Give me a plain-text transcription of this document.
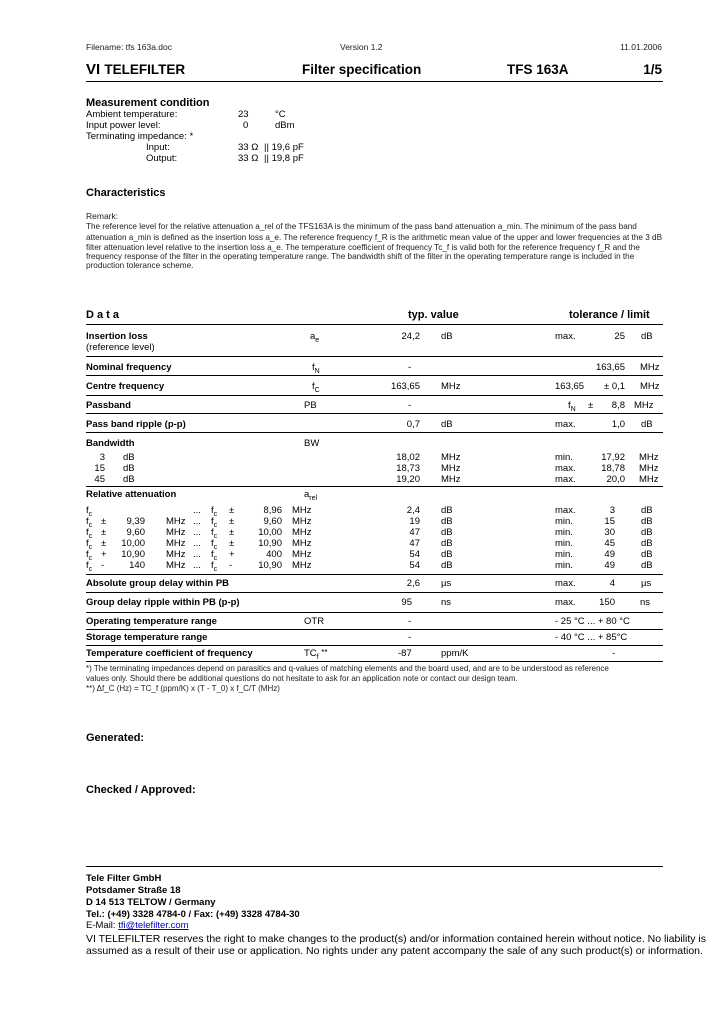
Filename: tfs 163a.doc	Version 1.2	11.01.2006
VI TELEFILTER	Filter specification	TFS 163A	1/5
Measurement condition
Ambient temperature:	23	°C
Input power level:	0	dBm
Terminating impedance: *
Input:	33 Ω || 19,6 pF
Output:	33 Ω || 19,8 pF
Characteristics
Remark:
The reference level for the relative attenuation a_rel of the TFS163A is the minimum of the pass band attenuation a_min. The minimum of the pass band
attenuation a_min is defined as the insertion loss a_e. The reference frequency f_R is the arithmetic mean value of the upper and lower frequencies at the 3 dB
filter attenuation level relative to the insertion loss a_e. The temperature coefficient of frequency Tc_f is valid both for the reference frequency f_R and the
frequency response of the filter in the operating temperature range. The bandwidth shift of the filter in the operating temperature range is included in the
production tolerance scheme.
D a t a	typ. value	tolerance / limit
Insertion loss
(reference level)
$a_e$	24,2 dB	max.	25 dB
Nominal frequency	$f_N$	-	163,65 MHz
Centre frequency	$f_C$	163,65 MHz	163,65 ± 0,1 MHz
Passband	PB	-	$f_N$ ±	8,8 MHz
Pass band ripple (p-p)	0,7 dB	max.	1,0 dB
Bandwidth	BW
3 dB	18,02 MHz	min.	17,92 MHz
15 dB	18,73 MHz	max.	18,78 MHz
45 dB	19,20 MHz	max.	20,0 MHz
Relative attenuation	$a_{rel}$
$f_c$	... $f_c$ ±	8,96 MHz	2,4 dB	max.	3	dB
$f_c$ ±	9,39 MHz ... $f_c$ ±	9,60 MHz	19 dB	min.	15	dB
$f_c$ ±	9,60 MHz ... $f_c$ ±	10,00 MHz	47 dB	min.	30	dB
$f_c$ ±	10,00 MHz ... $f_c$ ±	10,90 MHz	47 dB	min.	45	dB
$f_c$ +	10,90 MHz ... $f_c$ +	400 MHz	54 dB	min.	49	dB
$f_c$ -	140 MHz ... $f_c$ -	10,90 MHz	54 dB	min.	49	dB
Absolute group delay within PB	2,6 µs	max.	4	µs
Group delay ripple within PB (p-p)	95	ns	max.	150	ns
Operating temperature range	OTR	-	- 25 °C ... + 80 °C
Storage temperature range	-	- 40 °C ... + 85°C
Temperature coefficient of frequency	$TC_f$ **	-87	ppm/K	-
*) The terminating impedances depend on parasitics and q-values of matching elements and the board used, and are to be understood as reference
values only. Should there be additional questions do not hesitate to ask for an application note or contact our design team.
**) Δf_C (Hz) = TC_f (ppm/K) x (T - T_0) x f_C/T (MHz)
Generated:
Checked / Approved:
Tele Filter GmbH
Potsdamer Straße 18
D 14 513 TELTOW / Germany
Tel.: (+49) 3328 4784-0 / Fax: (+49) 3328 4784-30
E-Mail: tfi@telefilter.com
VI TELEFILTER reserves the right to make changes to the product(s) and/or information contained herein without notice. No liability is
assumed as a result of their use or application. No rights under any patent accompany the sale of any such product(s) or information.
